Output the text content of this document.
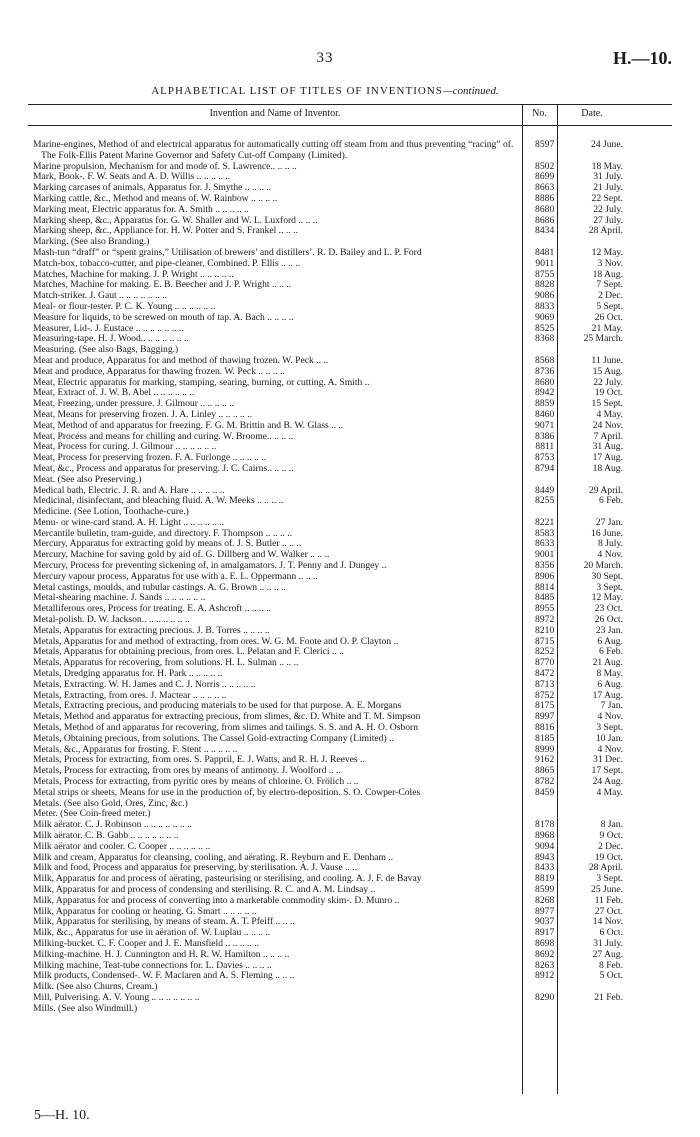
33	H.—10.
ALPHABETICAL LIST OF TITLES OF INVENTIONS—continued.
Invention and Name of Inventor.	No.	Date.
Marine-engines, Method of and electrical apparatus for automatically cutting off steam from and thus preventing “racing” of. The Folk-Ellis Patent Marine Governor and Safety Cut-off Company (Limited).
8597	24 June.
Marine propulsion, Mechanism for and mode of. S. Lawrence.. .. .. ..	8502	18 May.
Mark, Book-. F. W. Seats and A. D. Willis .. .. .. .. ..	8699	31 July.
Marking carcases of animals, Apparatus for. J. Smythe .. .. .. ..	8663	21 July.
Marking cattle, &c., Method and means of. W. Rainbow .. .. .. ..	8886	22 Sept.
Marking meat, Electric apparatus for. A. Smith .. .. .. .. ..	8680	22 July.
Marking sheep, &c., Apparatus for. G. W. Shaller and W. L. Luxford .. .. ..	8686	27 July.
Marking sheep, &c., Appliance for. H. W. Potter and S. Frankel .. .. ..	8434	28 April.
Marking. (See also Branding.)
Mash-tun “draff” or “spent grains,” Utilisation of brewers’ and distillers’. R. D. Bailey and L. P. Ford	8481	12 May.
Match-box, tobacco-cutter, and pipe-cleaner, Combined. P. Ellis .. .. ..	9011	3 Nov.
Matches, Machine for making. J. P. Wright .. .. .. .. ..	8755	18 Aug.
Matches, Machine for making. E. B. Beecher and J. P. Wright .. .. ..	8828	7 Sept.
Match-striker. J. Gaut .. .. .. .. .. .. ..	9086	2 Dec.
Meal- or flour-tester. P. C. K. Young .. .. .. .. .. ..	8833	5 Sept.
Measure for liquids, to be screwed on mouth of tap. A. Bach .. .. .. ..	9069	26 Oct.
Measurer, Lid-. J. Eustace .. .. .. .. .. .. ..	8525	21 May.
Measuring-tape. H. J. Wood.. .. .. .. .. .. ..	8368	25 March.
Measuring. (See also Bags, Bagging.)
Meat and produce, Apparatus for and method of thawing frozen. W. Peck .. ..	8568	11 June.
Meat and produce, Apparatus for thawing frozen. W. Peck .. .. .. ..	8736	15 Aug.
Meat, Electric apparatus for marking, stamping, searing, burning, or cutting. A. Smith ..	8680	22 July.
Meat, Extract of. J. W. B. Abel .. .. .. .. .. ..	8942	19 Oct.
Meat, Freezing, under pressure. J. Gilmour .. .. .. .. ..	8859	15 Sept.
Meat, Means for preserving frozen. J. A. Linley .. .. .. .. ..	8460	4 May.
Meat, Method of and apparatus for freezing. F. G. M. Brittin and B. W. Glass .. ..	9071	24 Nov.
Meat, Process and means for chilling and curing. W. Broome.. .. .. ..	8386	7 April.
Meat, Process for curing. J. Gilmour .. .. .. .. .. ..	8811	31 Aug.
Meat, Process for preserving frozen. F. A. Furlonge .. .. .. .. ..	8753	17 Aug.
Meat, &c., Process and apparatus for preserving. J. C. Cairns.. .. .. ..	8794	18 Aug.
Meat. (See also Preserving.)
Medical bath, Electric. J. R. and A. Hare .. .. .. .. ..	8449	29 April.
Medicinal, disinfectant, and bleaching fluid. A. W. Meeks .. .. .. ..	8255	6 Feb.
Medicine. (See Lotion, Toothache-cure.)
Menu- or wine-card stand. A. H. Light .. .. .. .. .. ..	8221	27 Jan.
Mercantile bulletin, tram-guide, and directory. F. Thompson .. .. .. ..	8583	16 June.
Mercury, Apparatus for extracting gold by means of. J. S. Butler .. .. ..	8633	8 July.
Mercury, Machine for saving gold by aid of. G. Dillberg and W. Walker .. .. ..	9001	4 Nov.
Mercury, Process for preventing sickening of, in amalgamators. J. T. Penny and J. Dungey ..	8356	20 March.
Mercury vapour process, Apparatus for use with a. E. L. Oppermann .. .. ..	8906	30 Sept.
Metal castings, moulds, and tubular castings. A. G. Brown .. .. .. ..	8814	3 Sept.
Metal-shearing machine. J. Sands .. .. .. .. .. ..	8485	12 May.
Metalliferous ores, Process for treating. E. A. Ashcroft .. .. .. ..	8955	23 Oct.
Metal-polish. D. W. Jackson.. .. .. .. .. .. ..	8972	26 Oct.
Metals, Apparatus for extracting precious. J. B. Torres .. .. .. ..	8210	23 Jan.
Metals, Apparatus for and method of extracting, from ores. W. G. M. Foote and O. P. Clayton ..	8715	6 Aug.
Metals, Apparatus for obtaining precious, from ores. L. Pelatan and F. Clerici .. ..	8252	6 Feb.
Metals, Apparatus for recovering, from solutions. H. L. Sulman .. .. ..	8770	21 Aug.
Metals, Dredging apparatus for. H. Park .. .. .. .. ..	8472	8 May.
Metals, Extracting. W. H. James and C. J. Norris .. .. .. .. ..	8713	6 Aug.
Metals, Extracting, from ores. J. Mactear .. .. .. .. ..	8752	17 Aug.
Metals, Extracting precious, and producing materials to be used for that purpose. A. E. Morgans	8175	7 Jan.
Metals, Method and apparatus for extracting precious, from slimes, &c. D. White and T. M. Simpson	8997	4 Nov.
Metals, Method of and apparatus for recovering, from slimes and tailings. S. S. and A. H. O. Osborn	8816	3 Sept.
Metals, Obtaining precious, from solutions. The Cassel Gold-extracting Company (Limited) ..	8185	10 Jan.
Metals, &c., Apparatus for frosting. F. Stent .. .. .. .. ..	8999	4 Nov.
Metals, Process for extracting, from ores. S. Pappril, E. J. Watts, and R. H. J. Reeves ..	9162	31 Dec.
Metals, Process for extracting, from ores by means of antimony. J. Woolford .. ..	8865	17 Sept.
Metals, Process for extracting, from pyritic ores by means of chlorine. O. Frölich .. ..	8782	24 Aug.
Metal strips or sheets, Means for use in the production of, by electro-deposition. S. O. Cowper-Coles	8459	4 May.
Metals. (See also Gold, Ores, Zinc, &c.)
Meter. (See Coin-freed meter.)
Milk aërator. C. J. Robinson .. .. .. .. .. .. ..	8178	8 Jan.
Milk aërator. C. B. Gabb .. .. .. .. .. .. ..	8968	9 Oct.
Milk aërator and cooler. C. Cooper .. .. .. .. .. ..	9094	2 Dec.
Milk and cream, Apparatus for cleansing, cooling, and aërating. R. Reyburn and E. Denham ..	8943	19 Oct.
Milk and food, Process and apparatus for preserving, by sterilisation. A. J. Vause .. ..	8433	28 April.
Milk, Apparatus for and process of aërating, pasteurising or sterilising, and cooling. A. J. F. de Bavay	8819	3 Sept.
Milk, Apparatus for and process of condensing and sterilising. R. C. and A. M. Lindsay ..	8599	25 June.
Milk, Apparatus for and process of converting into a marketable commodity skim-. D. Munro ..	8268	11 Feb.
Milk, Apparatus for cooling or heating. G. Smart .. .. .. .. ..	8977	27 Oct.
Milk, Apparatus for sterilising, by means of steam. A. T. Pfeiff .. .. ..	9037	14 Nov.
Milk, &c., Apparatus for use in aëration of. W. Luplau .. .. .. ..	8917	6 Oct.
Milking-bucket. C. F. Cooper and J. E. Mansfield .. .. .. .. ..	8698	31 July.
Milking-machine. H. J. Cunnington and H. R. W. Hamilton .. .. .. ..	8692	27 Aug.
Milking machine, Teat-tube connections for. L. Davies .. .. .. ..	8263	8 Feb.
Milk products, Condensed-. W. F. Maclaren and A. S. Fleming .. .. ..	8912	5 Oct.
Milk. (See also Churns, Cream.)
Mill, Pulverising. A. V. Young .. .. .. .. .. .. ..	8290	21 Feb.
Mills. (See also Windmill.)
5—H. 10.
